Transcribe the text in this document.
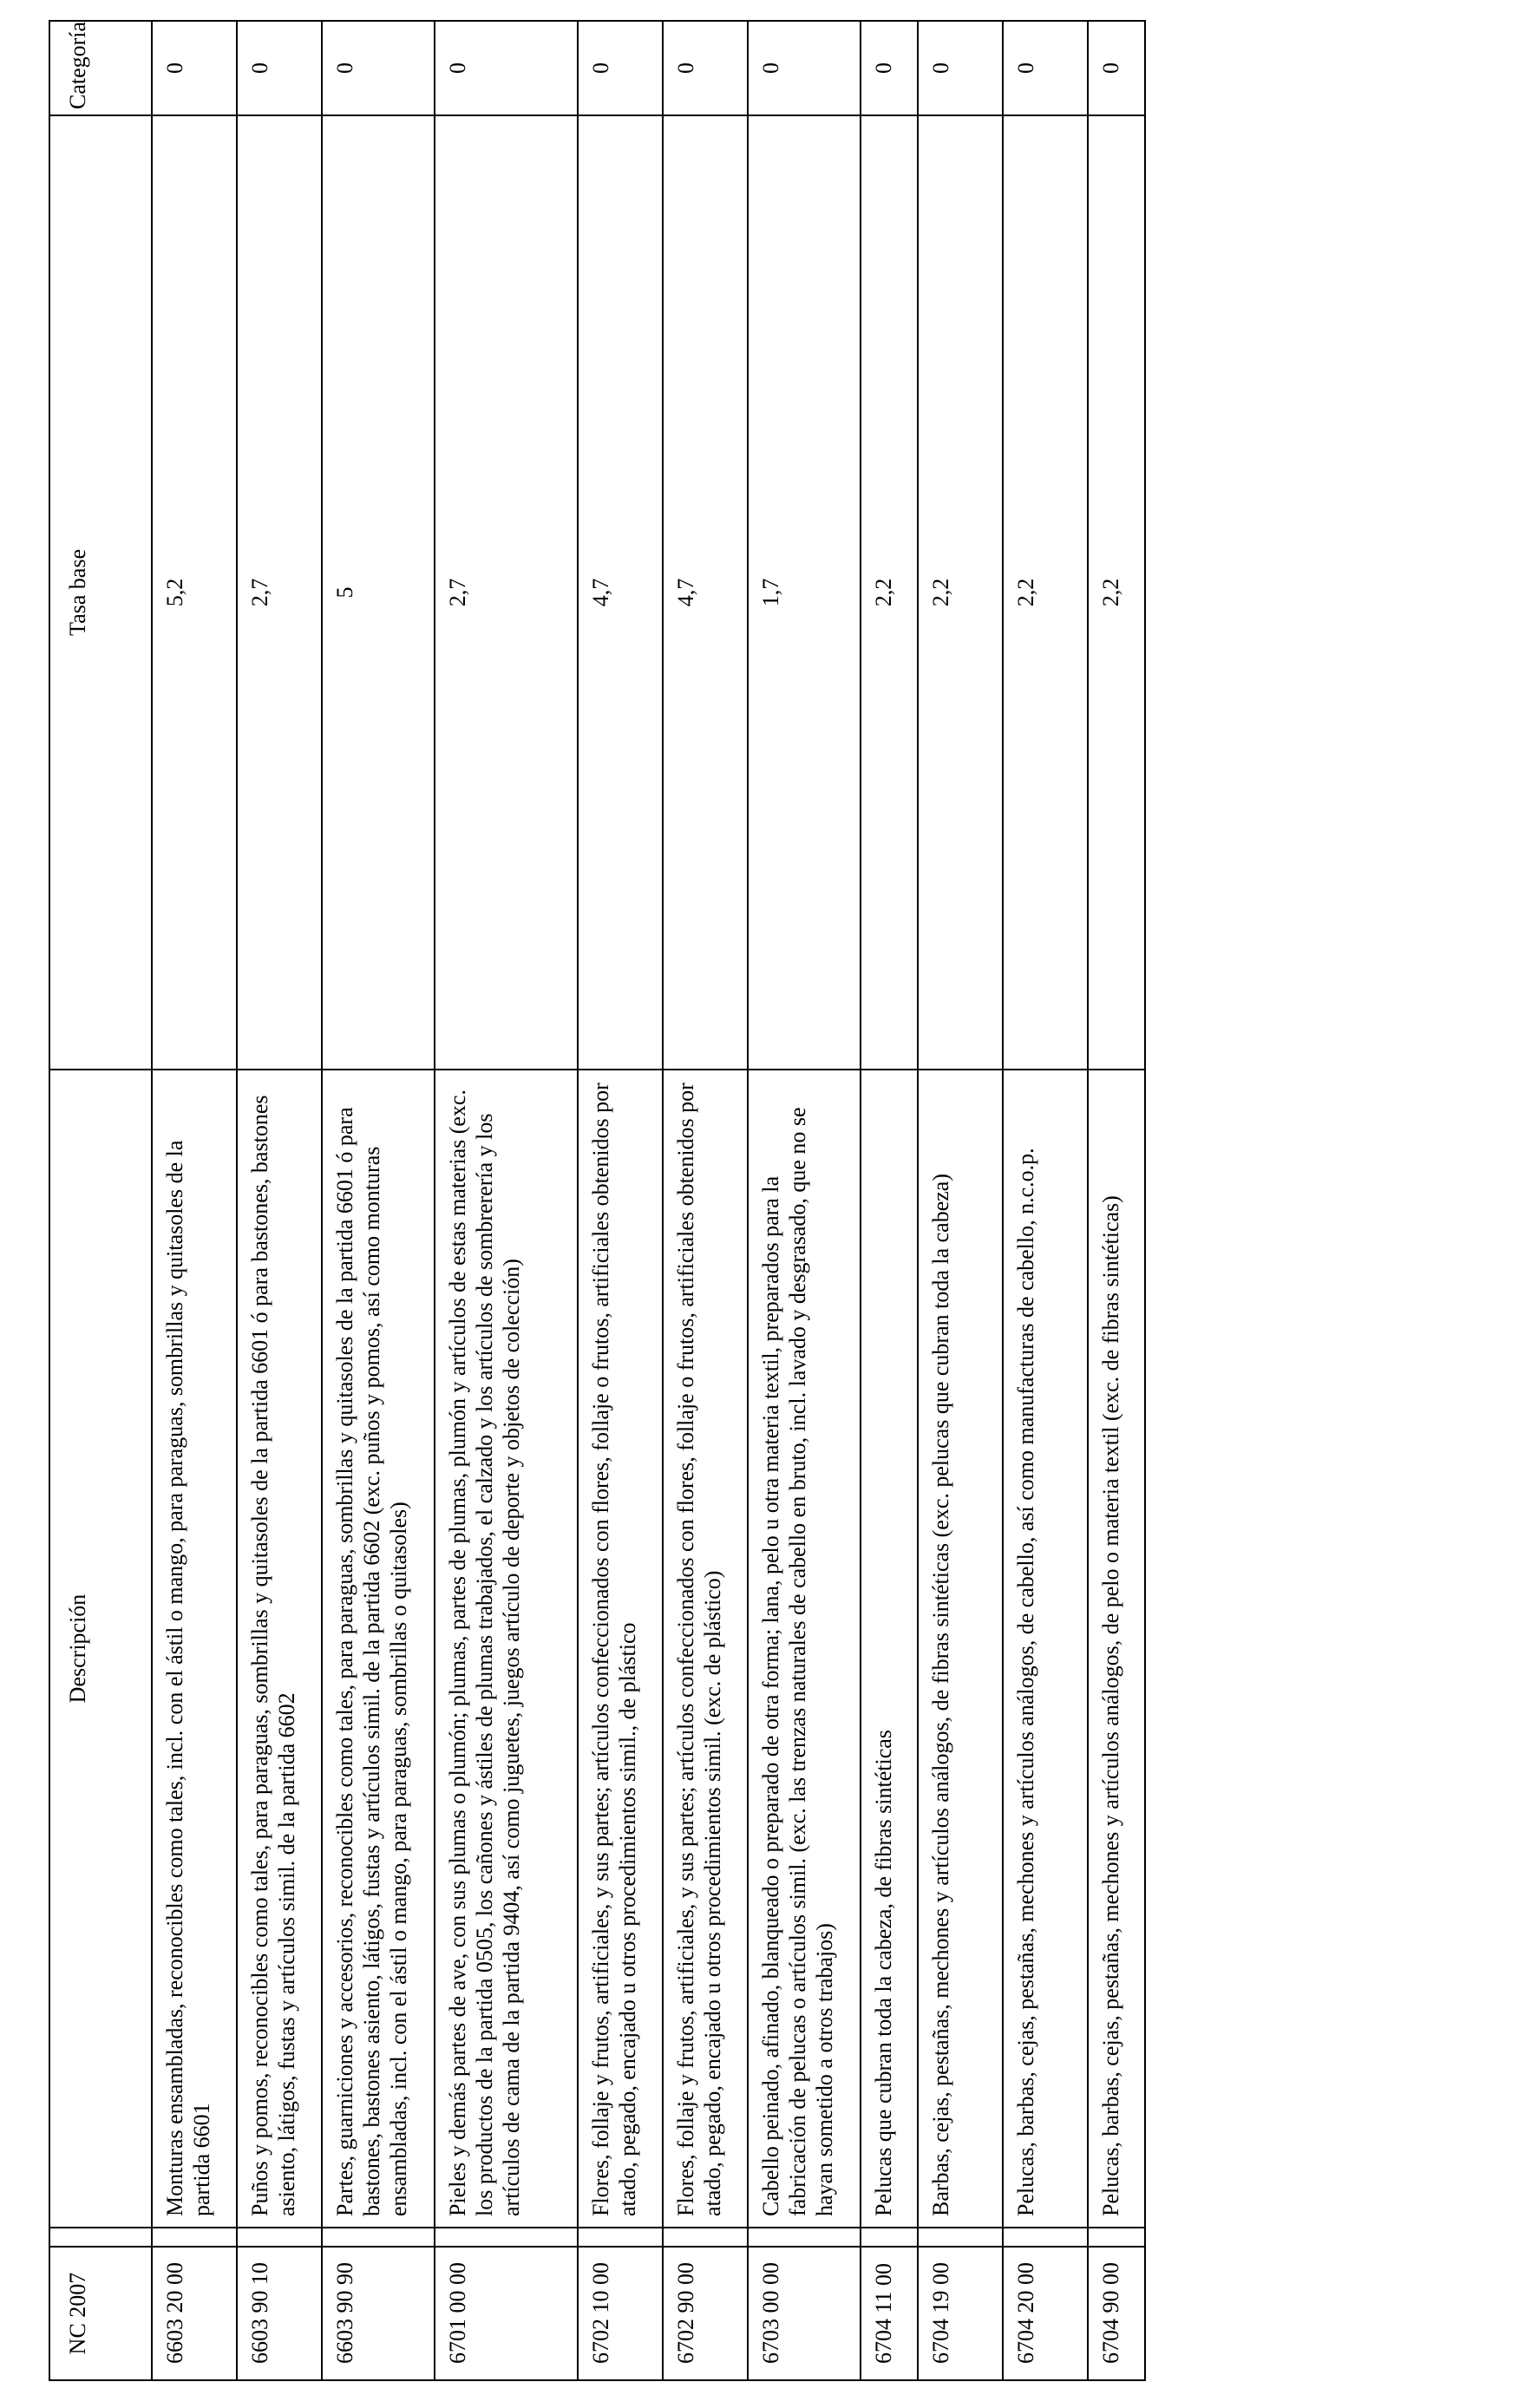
NC 2007		Descripción	Tasa base	Categoría
6603 20 00		Monturas ensambladas, reconocibles como tales, incl. con el ástil o mango, para paraguas, sombrillas y quitasoles de la partida 6601	5,2	0
6603 90 10		Puños y pomos, reconocibles como tales, para paraguas, sombrillas y quitasoles de la partida 6601 ó para bastones, bastones asiento, látigos, fustas y artículos simil. de la partida 6602	2,7	0
6603 90 90		Partes, guarniciones y accesorios, reconocibles como tales, para paraguas, sombrillas y quitasoles de la partida 6601 ó para bastones, bastones asiento, látigos, fustas y artículos simil. de la partida 6602 (exc. puños y pomos, así como monturas ensambladas, incl. con el ástil o mango, para paraguas, sombrillas o quitasoles)	5	0
6701 00 00		Pieles y demás partes de ave, con sus plumas o plumón; plumas, partes de plumas, plumón y artículos de estas materias (exc. los productos de la partida 0505, los cañones y ástiles de plumas trabajados, el calzado y los artículos de sombrerería y los artículos de cama de la partida 9404, así como juguetes, juegos artículo de deporte y objetos de colección)	2,7	0
6702 10 00		Flores, follaje y frutos, artificiales, y sus partes; artículos confeccionados con flores, follaje o frutos, artificiales obtenidos por atado, pegado, encajado u otros procedimientos simil., de plástico	4,7	0
6702 90 00		Flores, follaje y frutos, artificiales, y sus partes; artículos confeccionados con flores, follaje o frutos, artificiales obtenidos por atado, pegado, encajado u otros procedimientos simil. (exc. de plástico)	4,7	0
6703 00 00		Cabello peinado, afinado, blanqueado o preparado de otra forma; lana, pelo u otra materia textil, preparados para la fabricación de pelucas o artículos simil. (exc. las trenzas naturales de cabello en bruto, incl. lavado y desgrasado, que no se hayan sometido a otros trabajos)	1,7	0
6704 11 00		Pelucas que cubran toda la cabeza, de fibras sintéticas	2,2	0
6704 19 00		Barbas, cejas, pestañas, mechones y artículos análogos, de fibras sintéticas (exc. pelucas que cubran toda la cabeza)	2,2	0
6704 20 00		Pelucas, barbas, cejas, pestañas, mechones y artículos análogos, de cabello, así como manufacturas de cabello, n.c.o.p.	2,2	0
6704 90 00		Pelucas, barbas, cejas, pestañas, mechones y artículos análogos, de pelo o materia textil (exc. de fibras sintéticas)	2,2	0
